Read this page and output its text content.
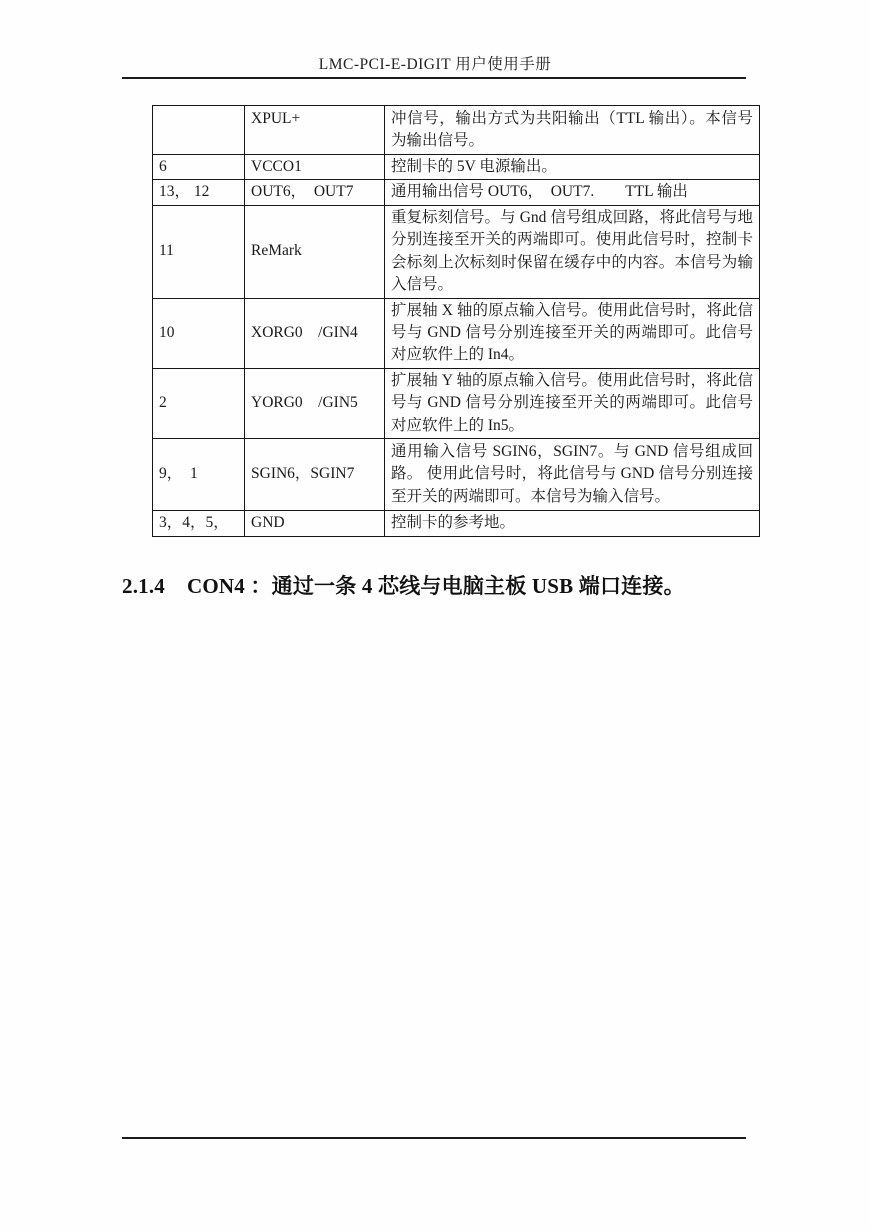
LMC-PCI-E-DIGIT 用户使用手册
	XPUL+	冲信号，输出方式为共阳输出（TTL 输出）。本信号为输出信号。
6	VCCO1	控制卡的 5V 电源输出。
13， 12	OUT6，　OUT7	通用输出信号 OUT6，　OUT7.　　TTL 输出
11	ReMark	重复标刻信号。与 Gnd 信号组成回路，将此信号与地分别连接至开关的两端即可。使用此信号时，控制卡会标刻上次标刻时保留在缓存中的内容。本信号为输入信号。
10	XORG0　/GIN4	扩展轴 X 轴的原点输入信号。使用此信号时，将此信号与 GND 信号分别连接至开关的两端即可。此信号对应软件上的 In4。
2	YORG0　/GIN5	扩展轴 Y 轴的原点输入信号。使用此信号时，将此信号与 GND 信号分别连接至开关的两端即可。此信号对应软件上的 In5。
9，　1	SGIN6，SGIN7	通用输入信号 SGIN6，SGIN7。与 GND 信号组成回路。 使用此信号时，将此信号与 GND 信号分别连接至开关的两端即可。本信号为输入信号。
3，4，5，	GND	控制卡的参考地。
2.1.4 CON4 ：通过一条 4 芯线与电脑主板 USB 端口连接。
